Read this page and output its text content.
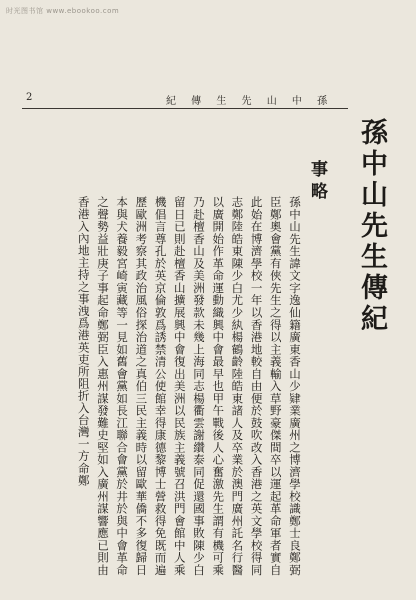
时光图书馆 www.ebookoo.com
2	紀 傳 生 先 山 中 孫
孫中山先生傳紀
事略
孫中山先生諱文字逸仙籍廣東香山少肄業廣州之博濟學校識鄭士良鄭弼臣鄭奧會黨有俠先生之得以主義輸入草野豪傑間卒以運起革命軍者實自此始在博濟學校一年以香港地較自由便於鼓吹改入香港之英文學校得同志鄭陸皓東陳少白尤少紈楊鶴齡陸皓東諸人及卒業於澳門廣州託名行醫以廣開始作革命運動織興中會最早也甲午戰後人心奮激先生謂有機可乘乃赴檀香山及美洲發款未幾上海同志楊衢雲謝纘泰同促還國事敗陳少白留日已則赴檀香山擴展興中會復出美洲以民族主義號召洪門會館中人乘機倡言尊孔於英京倫敦爲誘禁清公使館幸得康德黎博士營救得免既而遍歷歐洲考察其政治風俗探治道之真伯三民主義時以留歐華僑不多復歸日本與犬養毅宮崎寅藏等一見如舊會黨如長江聯合會黨於井於與中會革命之聲勢益壯庚子事起命鄭弼臣入惠州謀發難史堅如入廣州謀響應已則由香港入內地主持之事洩爲港英吏所阻折入台灣一方命鄭
